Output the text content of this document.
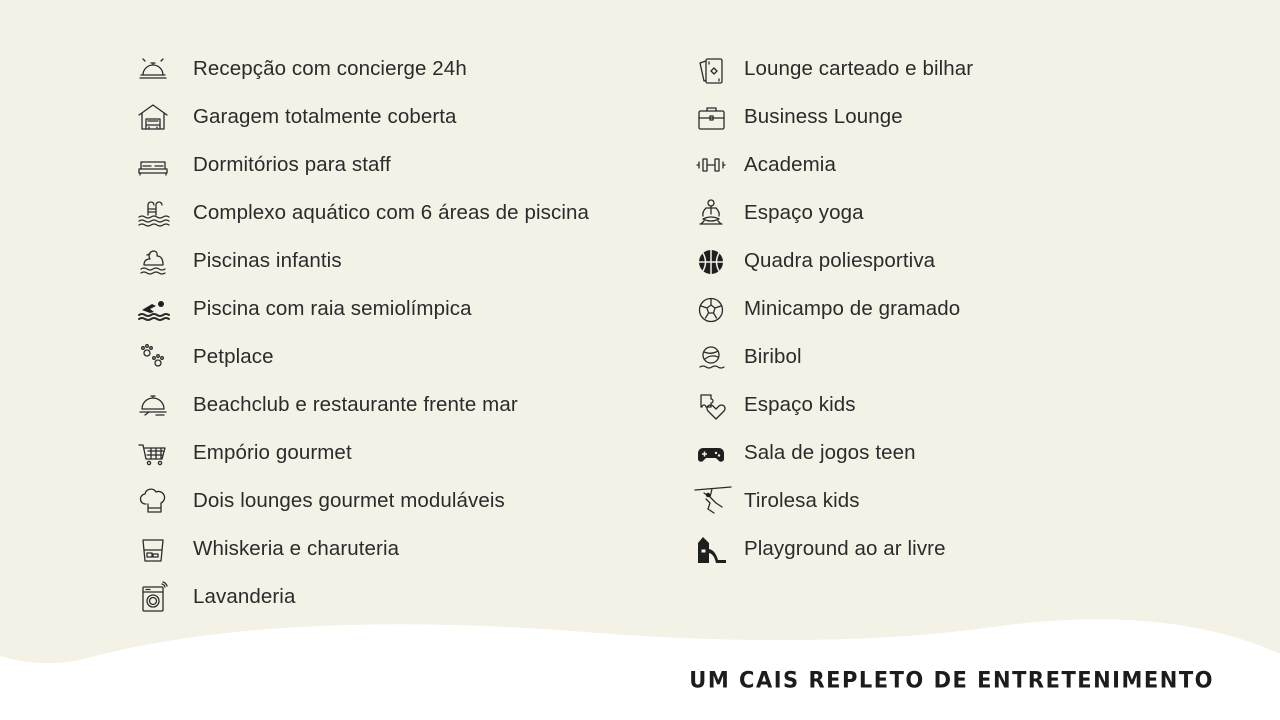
Recepção com concierge 24h
Garagem totalmente coberta
Dormitórios para staff
Complexo aquático com 6 áreas de piscina
Piscinas infantis
Piscina com raia semiolímpica
Petplace
Beachclub e restaurante frente mar
Empório gourmet
Dois lounges gourmet moduláveis
Whiskeria e charuteria
Lavanderia
Lounge carteado e bilhar
Business Lounge
Academia
Espaço yoga
Quadra poliesportiva
Minicampo de gramado
Biribol
Espaço kids
Sala de jogos teen
Tirolesa kids
Playground ao ar livre
UM CAIS REPLETO DE ENTRETENIMENTO
